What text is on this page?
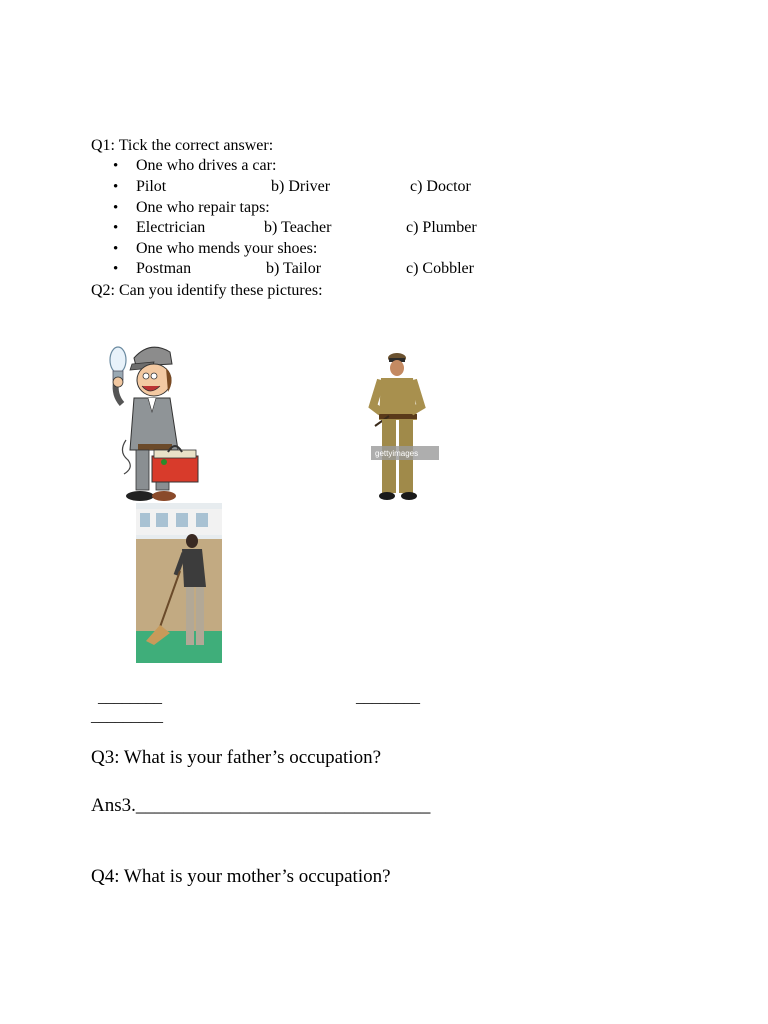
Q1: Tick the correct answer:
• One who drives a car:
• Pilot	b) Driver	c) Doctor
• One who repair taps:
• Electrician	b) Teacher	c) Plumber
• One who mends your shoes:
• Postman	b) Tailor	c) Cobbler
Q2: Can you identify these pictures:
gettyimages
________	________
_________
Q3: What is your father’s occupation?
Ans3._______________________________
Q4: What is your mother’s occupation?
